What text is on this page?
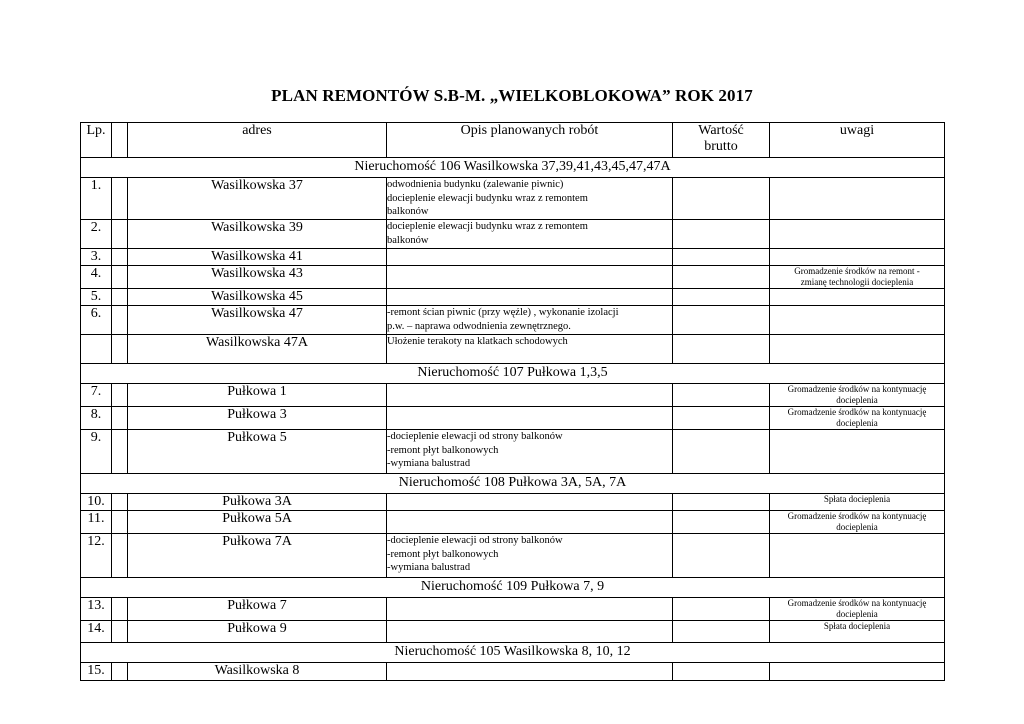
PLAN REMONTÓW S.B-M. „WIELKOBLOKOWA” ROK 2017
Lp.		adres	Opis planowanych robót	Wartość
brutto	uwagi
Nieruchomość 106 Wasilkowska 37,39,41,43,45,47,47A					
1.		Wasilkowska 37	odwodnienia budynku (zalewanie piwnic)
docieplenie elewacji budynku wraz z remontem
balkonów		

2.		Wasilkowska 39	docieplenie elewacji budynku wraz z remontem
balkonów		

3.		Wasilkowska 41			
4.		Wasilkowska 43			Gromadzenie środków na remont -
zmianę technologii docieplenia

5.		Wasilkowska 45			
6.		Wasilkowska 47	-remont ścian piwnic (przy węźle) , wykonanie izolacji
p.w. – naprawa odwodnienia zewnętrznego.		

		Wasilkowska 47A	Ułożenie terakoty na klatkach schodowych		

Nieruchomość 107 Pułkowa 1,3,5					
7.		Pułkowa 1			Gromadzenie środków na kontynuację
docieplenia

8.		Pułkowa 3			Gromadzenie środków na kontynuację
docieplenia

9.		Pułkowa 5	-docieplenie elewacji od strony balkonów
-remont płyt balkonowych
-wymiana balustrad		

Nieruchomość 108 Pułkowa 3A, 5A, 7A					
10.		Pułkowa 3A			Spłata docieplenia

11.		Pułkowa 5A			Gromadzenie środków na kontynuację
docieplenia

12.		Pułkowa 7A	-docieplenie elewacji od strony balkonów
-remont płyt balkonowych
-wymiana balustrad		

Nieruchomość 109 Pułkowa 7, 9					
13.		Pułkowa 7			Gromadzenie środków na kontynuację
docieplenia

14.		Pułkowa 9			Spłata docieplenia

Nieruchomość 105 Wasilkowska 8, 10, 12					
15.		Wasilkowska 8			
